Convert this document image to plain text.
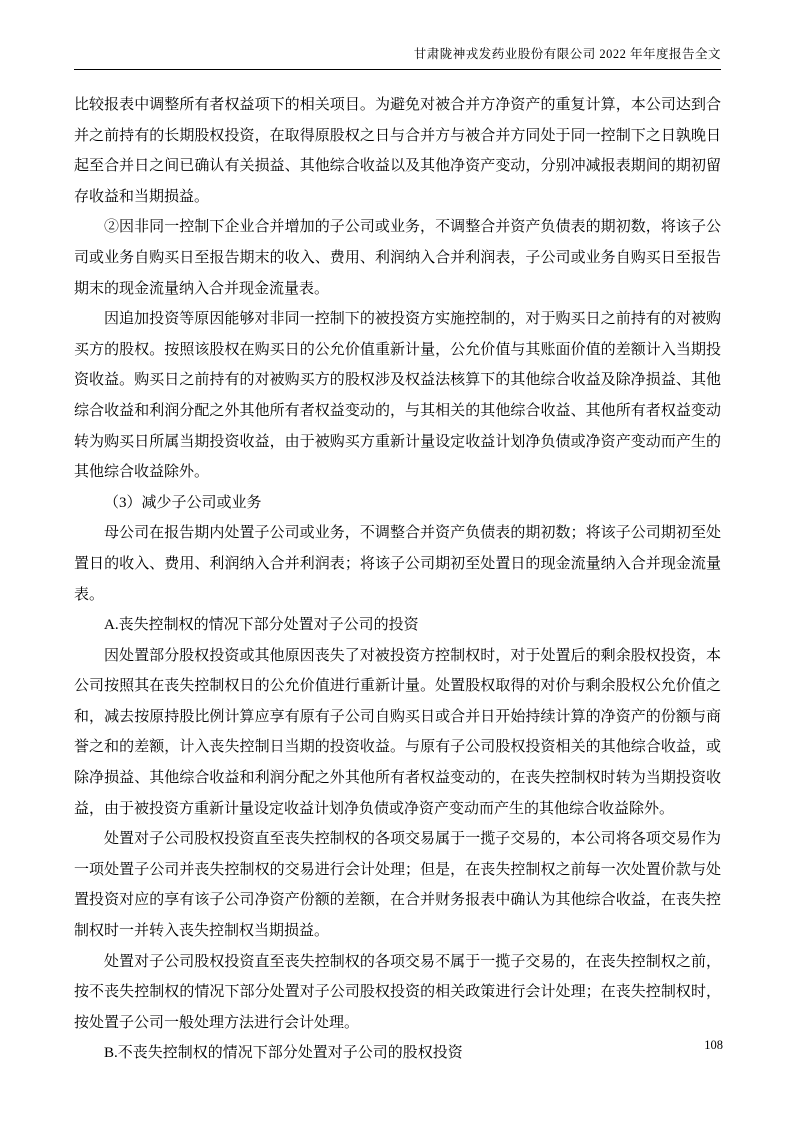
甘肃陇神戎发药业股份有限公司 2022 年年度报告全文

比较报表中调整所有者权益项下的相关项目。为避免对被合并方净资产的重复计算，本公司达到合并之前持有的长期股权投资，在取得原股权之日与合并方与被合并方同处于同一控制下之日孰晚日起至合并日之间已确认有关损益、其他综合收益以及其他净资产变动，分别冲减报表期间的期初留存收益和当期损益。

②因非同一控制下企业合并增加的子公司或业务，不调整合并资产负债表的期初数，将该子公司或业务自购买日至报告期末的收入、费用、利润纳入合并利润表，子公司或业务自购买日至报告期末的现金流量纳入合并现金流量表。

因追加投资等原因能够对非同一控制下的被投资方实施控制的，对于购买日之前持有的对被购买方的股权。按照该股权在购买日的公允价值重新计量，公允价值与其账面价值的差额计入当期投资收益。购买日之前持有的对被购买方的股权涉及权益法核算下的其他综合收益及除净损益、其他综合收益和利润分配之外其他所有者权益变动的，与其相关的其他综合收益、其他所有者权益变动转为购买日所属当期投资收益，由于被购买方重新计量设定收益计划净负债或净资产变动而产生的其他综合收益除外。

（3）减少子公司或业务

母公司在报告期内处置子公司或业务，不调整合并资产负债表的期初数；将该子公司期初至处置日的收入、费用、利润纳入合并利润表；将该子公司期初至处置日的现金流量纳入合并现金流量表。

A.丧失控制权的情况下部分处置对子公司的投资

因处置部分股权投资或其他原因丧失了对被投资方控制权时，对于处置后的剩余股权投资，本公司按照其在丧失控制权日的公允价值进行重新计量。处置股权取得的对价与剩余股权公允价值之和，减去按原持股比例计算应享有原有子公司自购买日或合并日开始持续计算的净资产的份额与商誉之和的差额，计入丧失控制日当期的投资收益。与原有子公司股权投资相关的其他综合收益，或除净损益、其他综合收益和利润分配之外其他所有者权益变动的，在丧失控制权时转为当期投资收益，由于被投资方重新计量设定收益计划净负债或净资产变动而产生的其他综合收益除外。

处置对子公司股权投资直至丧失控制权的各项交易属于一揽子交易的，本公司将各项交易作为一项处置子公司并丧失控制权的交易进行会计处理；但是，在丧失控制权之前每一次处置价款与处置投资对应的享有该子公司净资产份额的差额，在合并财务报表中确认为其他综合收益，在丧失控制权时一并转入丧失控制权当期损益。

处置对子公司股权投资直至丧失控制权的各项交易不属于一揽子交易的，在丧失控制权之前，按不丧失控制权的情况下部分处置对子公司股权投资的相关政策进行会计处理；在丧失控制权时，按处置子公司一般处理方法进行会计处理。

B.不丧失控制权的情况下部分处置对子公司的股权投资

108
